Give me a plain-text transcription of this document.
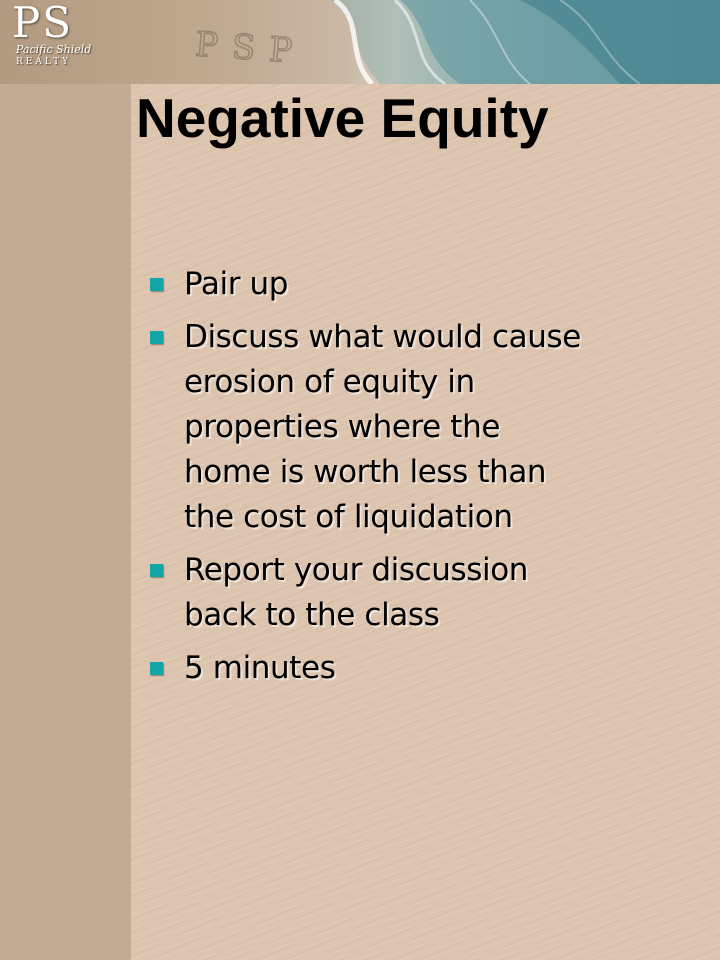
PSP
PS
Pacific Shield
REALTY
Negative Equity
Pair up
Discuss what would cause erosion of equity in properties where the home is worth less than the cost of liquidation
Report your discussion back to the class
5 minutes
